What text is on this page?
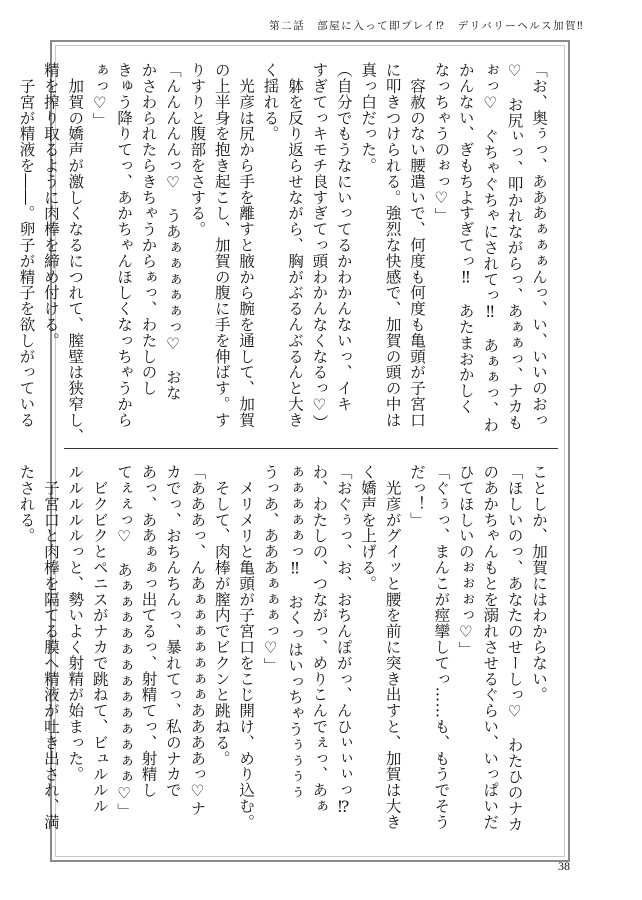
第二話　部屋に入って即プレイ⁉　デリバリーヘルス加賀‼
「お、奥ぅっ、あああぁぁぁんっ、い、いいのおっ
♡　お尻ぃっ、叩かれながらっ、あぁぁっ、ナカも
ぉっ♡　ぐちゃぐちゃにされてっ‼　あぁぁっ、わ
かんない、ぎもちよすぎてっ‼　あたまおかしく
なっちゃうのぉっ♡」
　容赦のない腰遣いで、何度も何度も亀頭が子宮口
に叩きつけられる。強烈な快感で、加賀の頭の中は
真っ白だった。
（自分でもうなにいってるかわかんないっ、イキ
すぎてっキモチ良すぎてっ頭わかんなくなるっ♡）
　躰を反り返らせながら、胸がぶるんぶるんと大き
く揺れる。
　光彦は尻から手を離すと腋から腕を通して、加賀
の上半身を抱き起こし、加賀の腹に手を伸ばす。す
りすりと腹部をさする。
「んんんんんっ♡　うあぁぁぁぁぁっ♡　おな
かさわられたらきちゃうからぁっ、わたしのし
きゅう降りてっ、あかちゃんほしくなっちゃうから
ぁっ♡」
　加賀の嬌声が激しくなるにつれて、膣壁は狭窄し、
精を搾り取るように肉棒を締め付ける。
　子宮が精液を――。卵子が精子を欲しがっている
ことしか、加賀にはわからない。
「ほしいのっ、あなたのせーしっ♡　わたひのナカ
のあかちゃんもとを溺れさせるぐらい、いっぱいだ
ひてほしいのぉぉぉっ♡」
「ぐぅっ、まんこが痙攣してっ……も、もうでそう
だっ！」
　光彦がグイッと腰を前に突き出すと、加賀は大き
く嬌声を上げる。
「おぐぅっ、お、おちんぽがっ、んひぃぃぃっ⁉
わ、わたしの、つながっ、めりこんでぇっ、あぁ
ぁぁぁぁぁっ‼　おくっはいっちゃうぅぅぅぅ
うっあ、あああぁぁぁっ♡」
　メリメリと亀頭が子宮口をこじ開け、めり込む。
　そして、肉棒が膣内でビクンと跳ねる。
「あああっ、んあぁぁぁぁぁぁぁああああっ♡ナ
カでっ、おちんちんっ、暴れてっ、私のナカで
あっ、ああぁぁっ出てるっ、射精てっ、射精し
てぇぇっ♡　あぁぁぁぁぁぁぁぁぁぁぁぁぁ♡」
　ビクビクとペニスがナカで跳ねて、ビュルルル
ルルルルルっと、勢いよく射精が始まった。
　子宮口と肉棒を隔てる膜へ精液が吐き出され、満
たされる。
38
